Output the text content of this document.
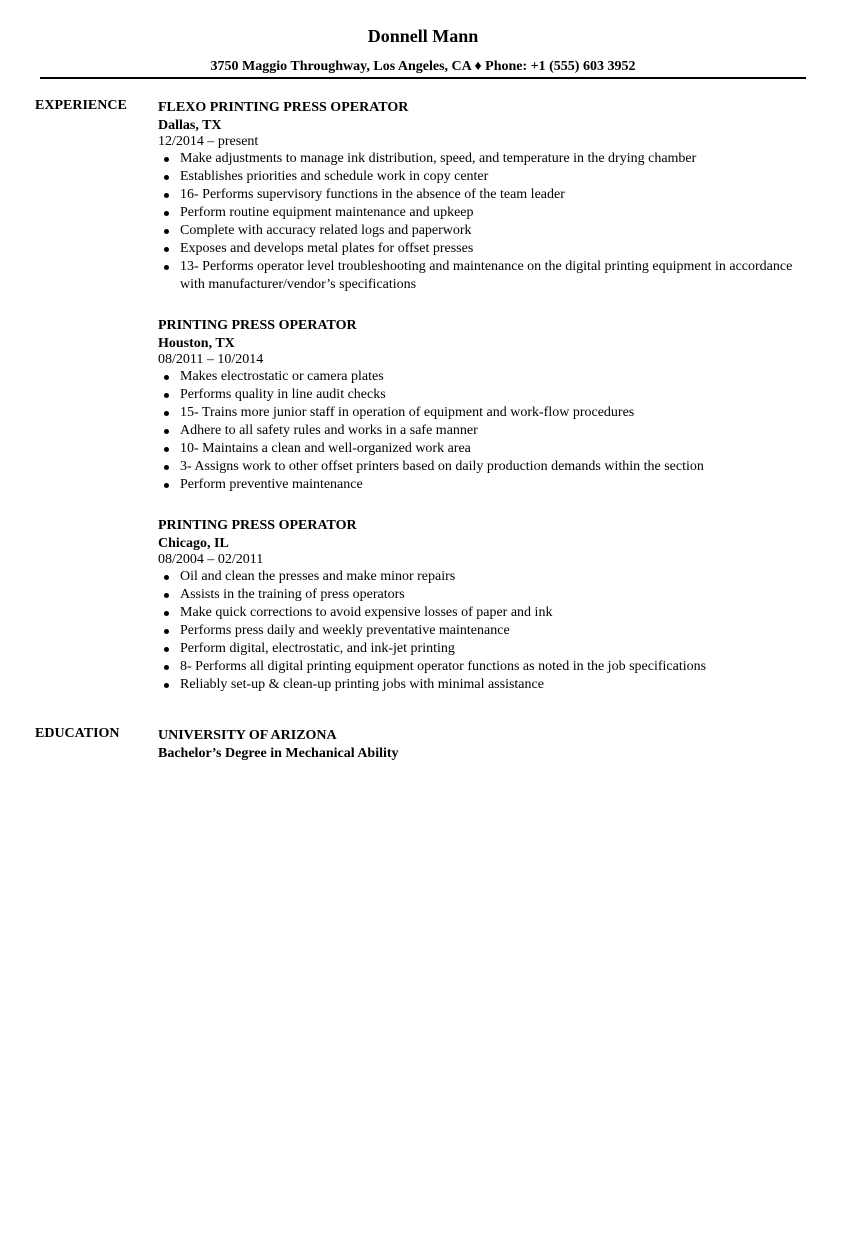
Donnell Mann
3750 Maggio Throughway, Los Angeles, CA ♦ Phone: +1 (555) 603 3952
EXPERIENCE FLEXO PRINTING PRESS OPERATOR
Dallas, TX
12/2014 – present
Make adjustments to manage ink distribution, speed, and temperature in the drying chamber
Establishes priorities and schedule work in copy center
16- Performs supervisory functions in the absence of the team leader
Perform routine equipment maintenance and upkeep
Complete with accuracy related logs and paperwork
Exposes and develops metal plates for offset presses
13- Performs operator level troubleshooting and maintenance on the digital printing equipment in accordance with manufacturer/vendor’s specifications
PRINTING PRESS OPERATOR
Houston, TX
08/2011 – 10/2014
Makes electrostatic or camera plates
Performs quality in line audit checks
15- Trains more junior staff in operation of equipment and work-flow procedures
Adhere to all safety rules and works in a safe manner
10- Maintains a clean and well-organized work area
3- Assigns work to other offset printers based on daily production demands within the section
Perform preventive maintenance
PRINTING PRESS OPERATOR
Chicago, IL
08/2004 – 02/2011
Oil and clean the presses and make minor repairs
Assists in the training of press operators
Make quick corrections to avoid expensive losses of paper and ink
Performs press daily and weekly preventative maintenance
Perform digital, electrostatic, and ink-jet printing
8- Performs all digital printing equipment operator functions as noted in the job specifications
Reliably set-up & clean-up printing jobs with minimal assistance
EDUCATION	UNIVERSITY OF ARIZONA
Bachelor’s Degree in Mechanical Ability
